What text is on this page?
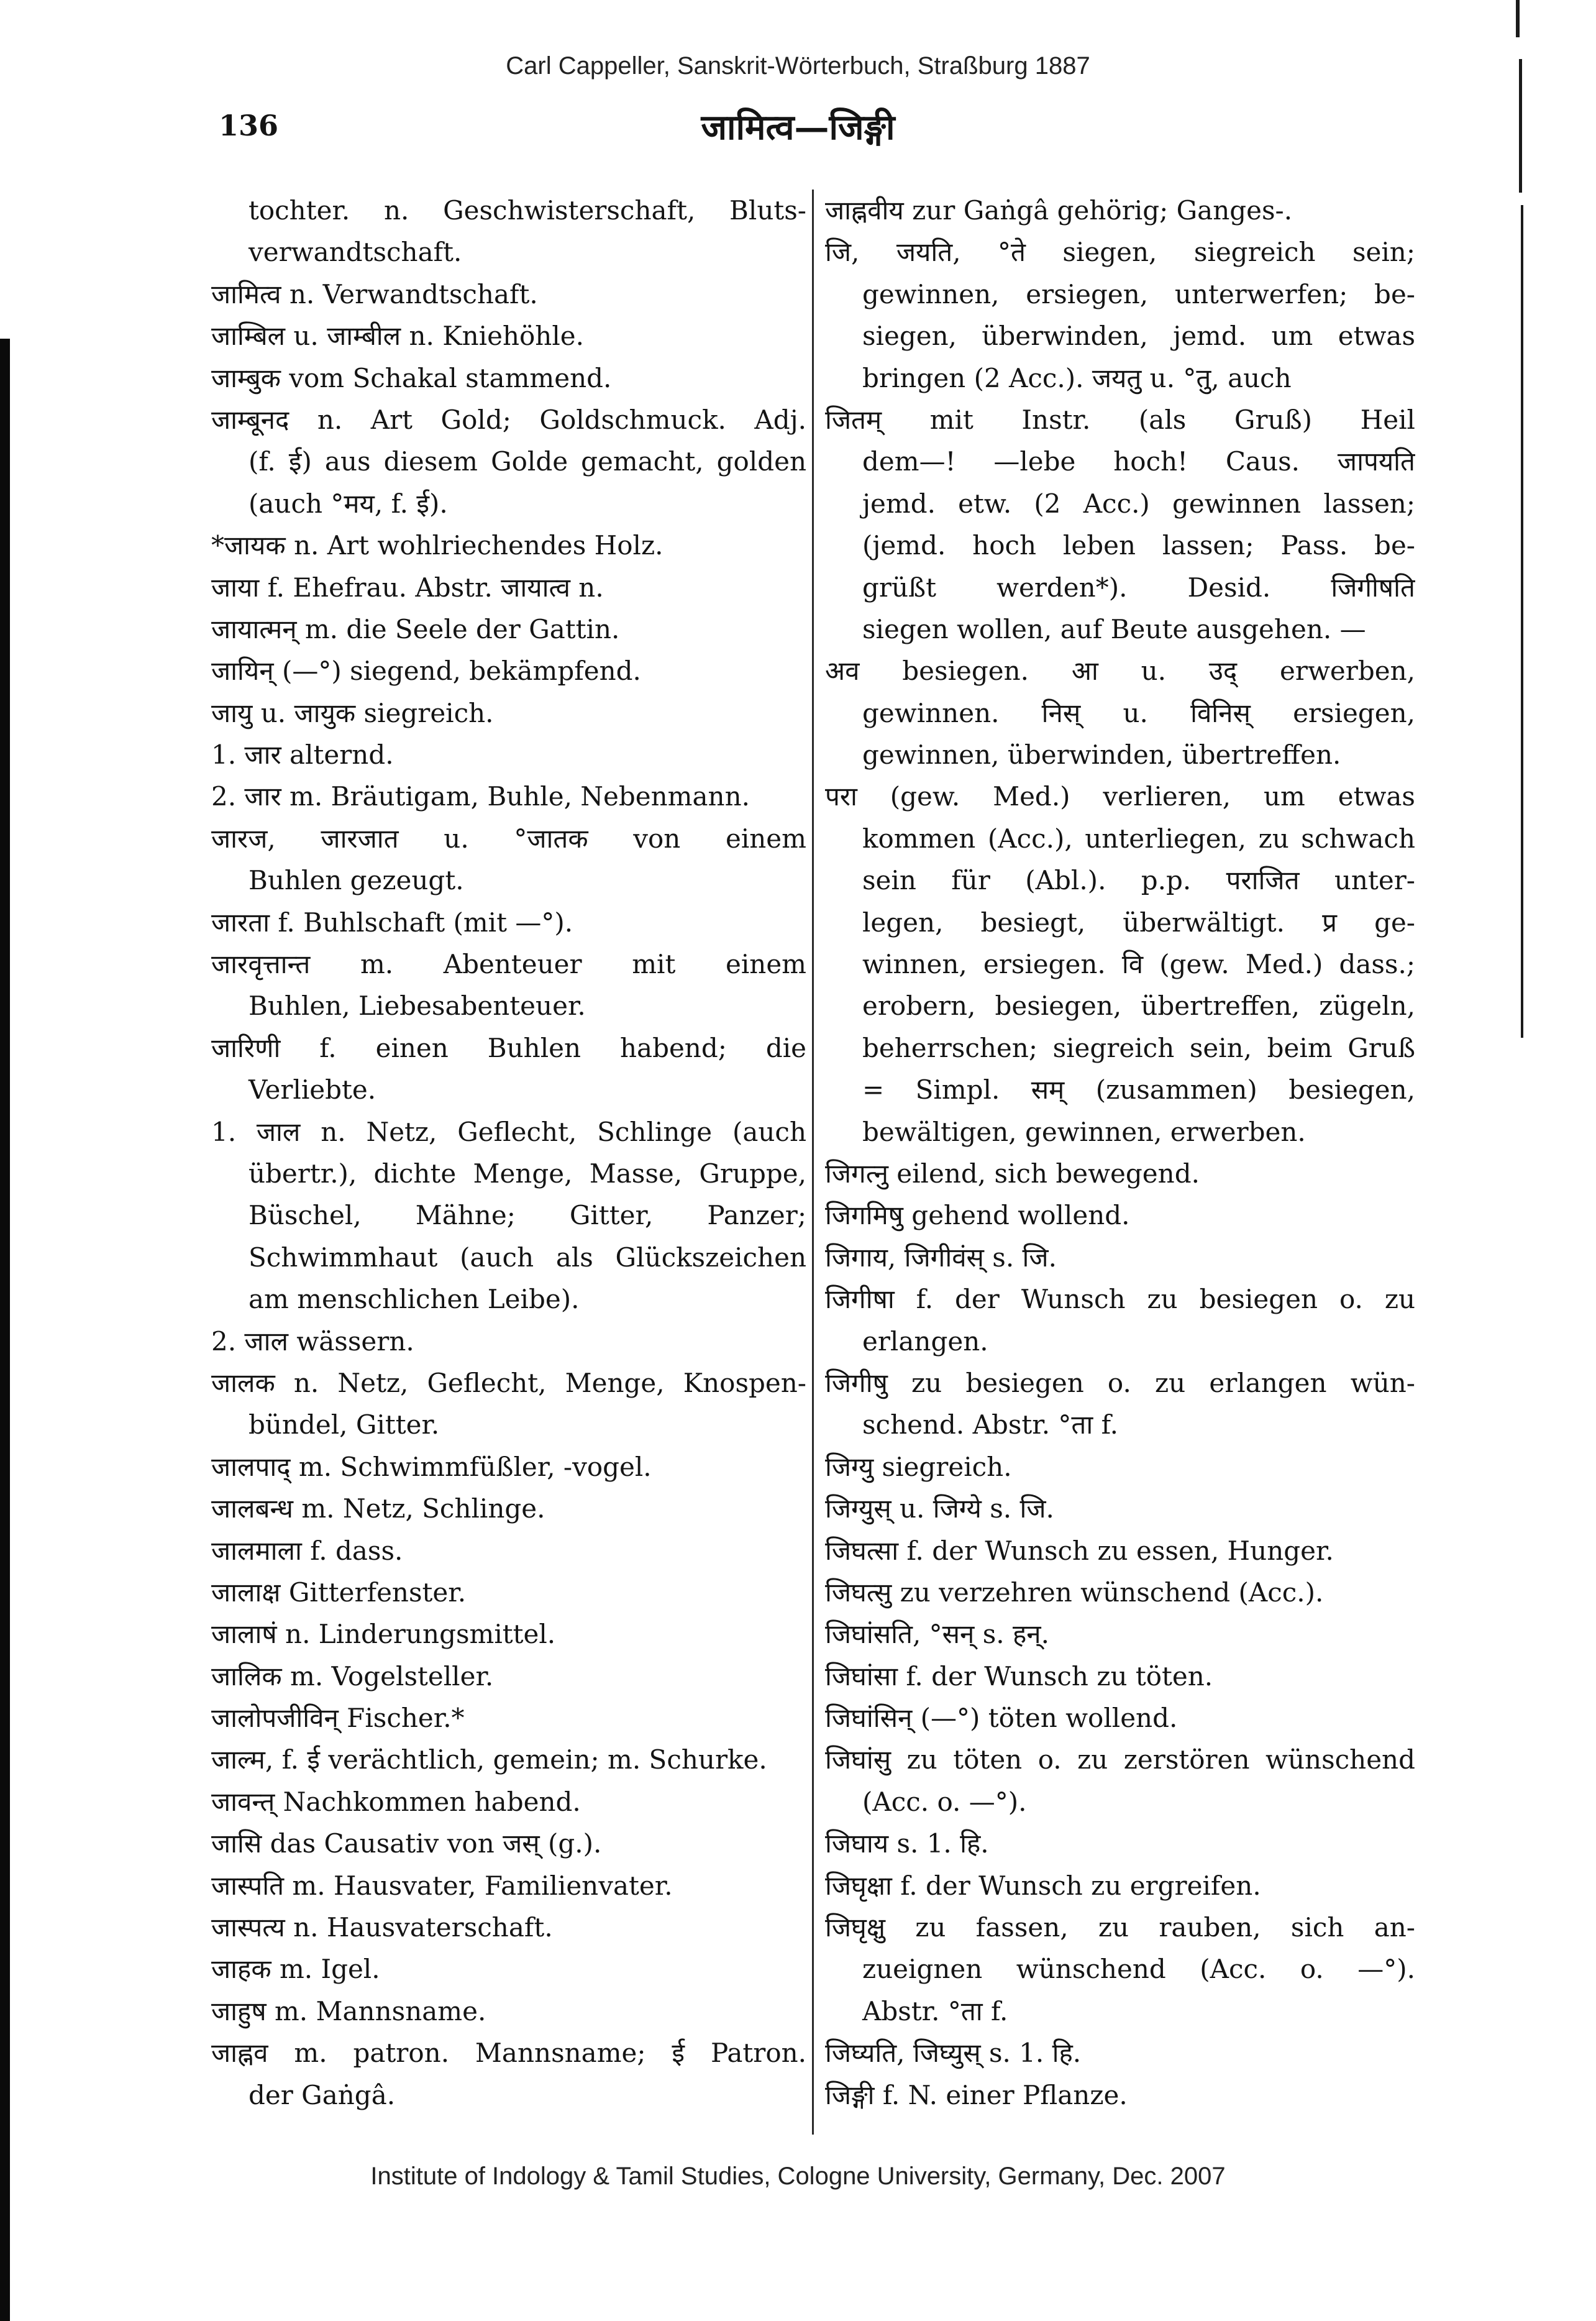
Carl Cappeller, Sanskrit-Wörterbuch, Straßburg 1887
136	जामित्व—जिङ्गी
tochter. n. Geschwisterschaft, Bluts-
verwandtschaft.
जामित्व n. Verwandtschaft.
जाम्बिल u. जाम्बील n. Kniehöhle.
जाम्बुक vom Schakal stammend.
जाम्बूनद n. Art Gold; Goldschmuck. Adj.
(f. ई) aus diesem Golde gemacht, golden
(auch °मय, f. ई).
*जायक n. Art wohlriechendes Holz.
जाया f. Ehefrau. Abstr. जायात्व n.
जायात्मन् m. die Seele der Gattin.
जायिन् (—°) siegend, bekämpfend.
जायु u. जायुक siegreich.
1. जार alternd.
2. जार m. Bräutigam, Buhle, Nebenmann.
जारज, जारजात u. °जातक von einem
Buhlen gezeugt.
जारता f. Buhlschaft (mit —°).
जारवृत्तान्त m. Abenteuer mit einem
Buhlen, Liebesabenteuer.
जारिणी f. einen Buhlen habend; die
Verliebte.
1. जाल n. Netz, Geflecht, Schlinge (auch
übertr.), dichte Menge, Masse, Gruppe,
Büschel, Mähne; Gitter, Panzer;
Schwimmhaut (auch als Glückszeichen
am menschlichen Leibe).
2. जाल wässern.
जालक n. Netz, Geflecht, Menge, Knospen-
bündel, Gitter.
जालपाद् m. Schwimmfüßler, -vogel.
जालबन्ध m. Netz, Schlinge.
जालमाला f. dass.
जालाक्ष Gitterfenster.
जालाषं n. Linderungsmittel.
जालिक m. Vogelsteller.
जालोपजीविन् Fischer.*
जाल्म, f. ई verächtlich, gemein; m. Schurke.
जावन्त् Nachkommen habend.
जासि das Causativ von जस् (g.).
जास्पति m. Hausvater, Familienvater.
जास्पत्य n. Hausvaterschaft.
जाहक m. Igel.
जाहुष m. Mannsname.
जाह्नव m. patron. Mannsname; ई Patron.
der Gaṅgâ.
जाह्नवीय zur Gaṅgâ gehörig; Ganges-.
जि, जयति, °ते siegen, siegreich sein;
gewinnen, ersiegen, unterwerfen; be-
siegen, überwinden, jemd. um etwas
bringen (2 Acc.). जयतु u. °तु, auch
जितम् mit Instr. (als Gruß) Heil
dem—! —lebe hoch! Caus. जापयति
jemd. etw. (2 Acc.) gewinnen lassen;
(jemd. hoch leben lassen; Pass. be-
grüßt werden*). Desid. जिगीषति
siegen wollen, auf Beute ausgehen. —
अव besiegen. आ u. उद् erwerben,
gewinnen. निस् u. विनिस् ersiegen,
gewinnen, überwinden, übertreffen.
परा (gew. Med.) verlieren, um etwas
kommen (Acc.), unterliegen, zu schwach
sein für (Abl.). p.p. पराजित unter-
legen, besiegt, überwältigt. प्र ge-
winnen, ersiegen. वि (gew. Med.) dass.;
erobern, besiegen, übertreffen, zügeln,
beherrschen; siegreich sein, beim Gruß
= Simpl. सम् (zusammen) besiegen,
bewältigen, gewinnen, erwerben.
जिगत्नु eilend, sich bewegend.
जिगमिषु gehend wollend.
जिगाय, जिगीवंस् s. जि.
जिगीषा f. der Wunsch zu besiegen o. zu
erlangen.
जिगीषु zu besiegen o. zu erlangen wün-
schend. Abstr. °ता f.
जिग्यु siegreich.
जिग्युस् u. जिग्ये s. जि.
जिघत्सा f. der Wunsch zu essen, Hunger.
जिघत्सु zu verzehren wünschend (Acc.).
जिघांसति, °सन् s. हन्.
जिघांसा f. der Wunsch zu töten.
जिघांसिन् (—°) töten wollend.
जिघांसु zu töten o. zu zerstören wünschend
(Acc. o. —°).
जिघाय s. 1. हि.
जिघृक्षा f. der Wunsch zu ergreifen.
जिघृक्षु zu fassen, zu rauben, sich an-
zueignen wünschend (Acc. o. —°).
Abstr. °ता f.
जिघ्यति, जिघ्युस् s. 1. हि.
जिङ्गी f. N. einer Pflanze.
Institute of Indology & Tamil Studies, Cologne University, Germany, Dec. 2007
